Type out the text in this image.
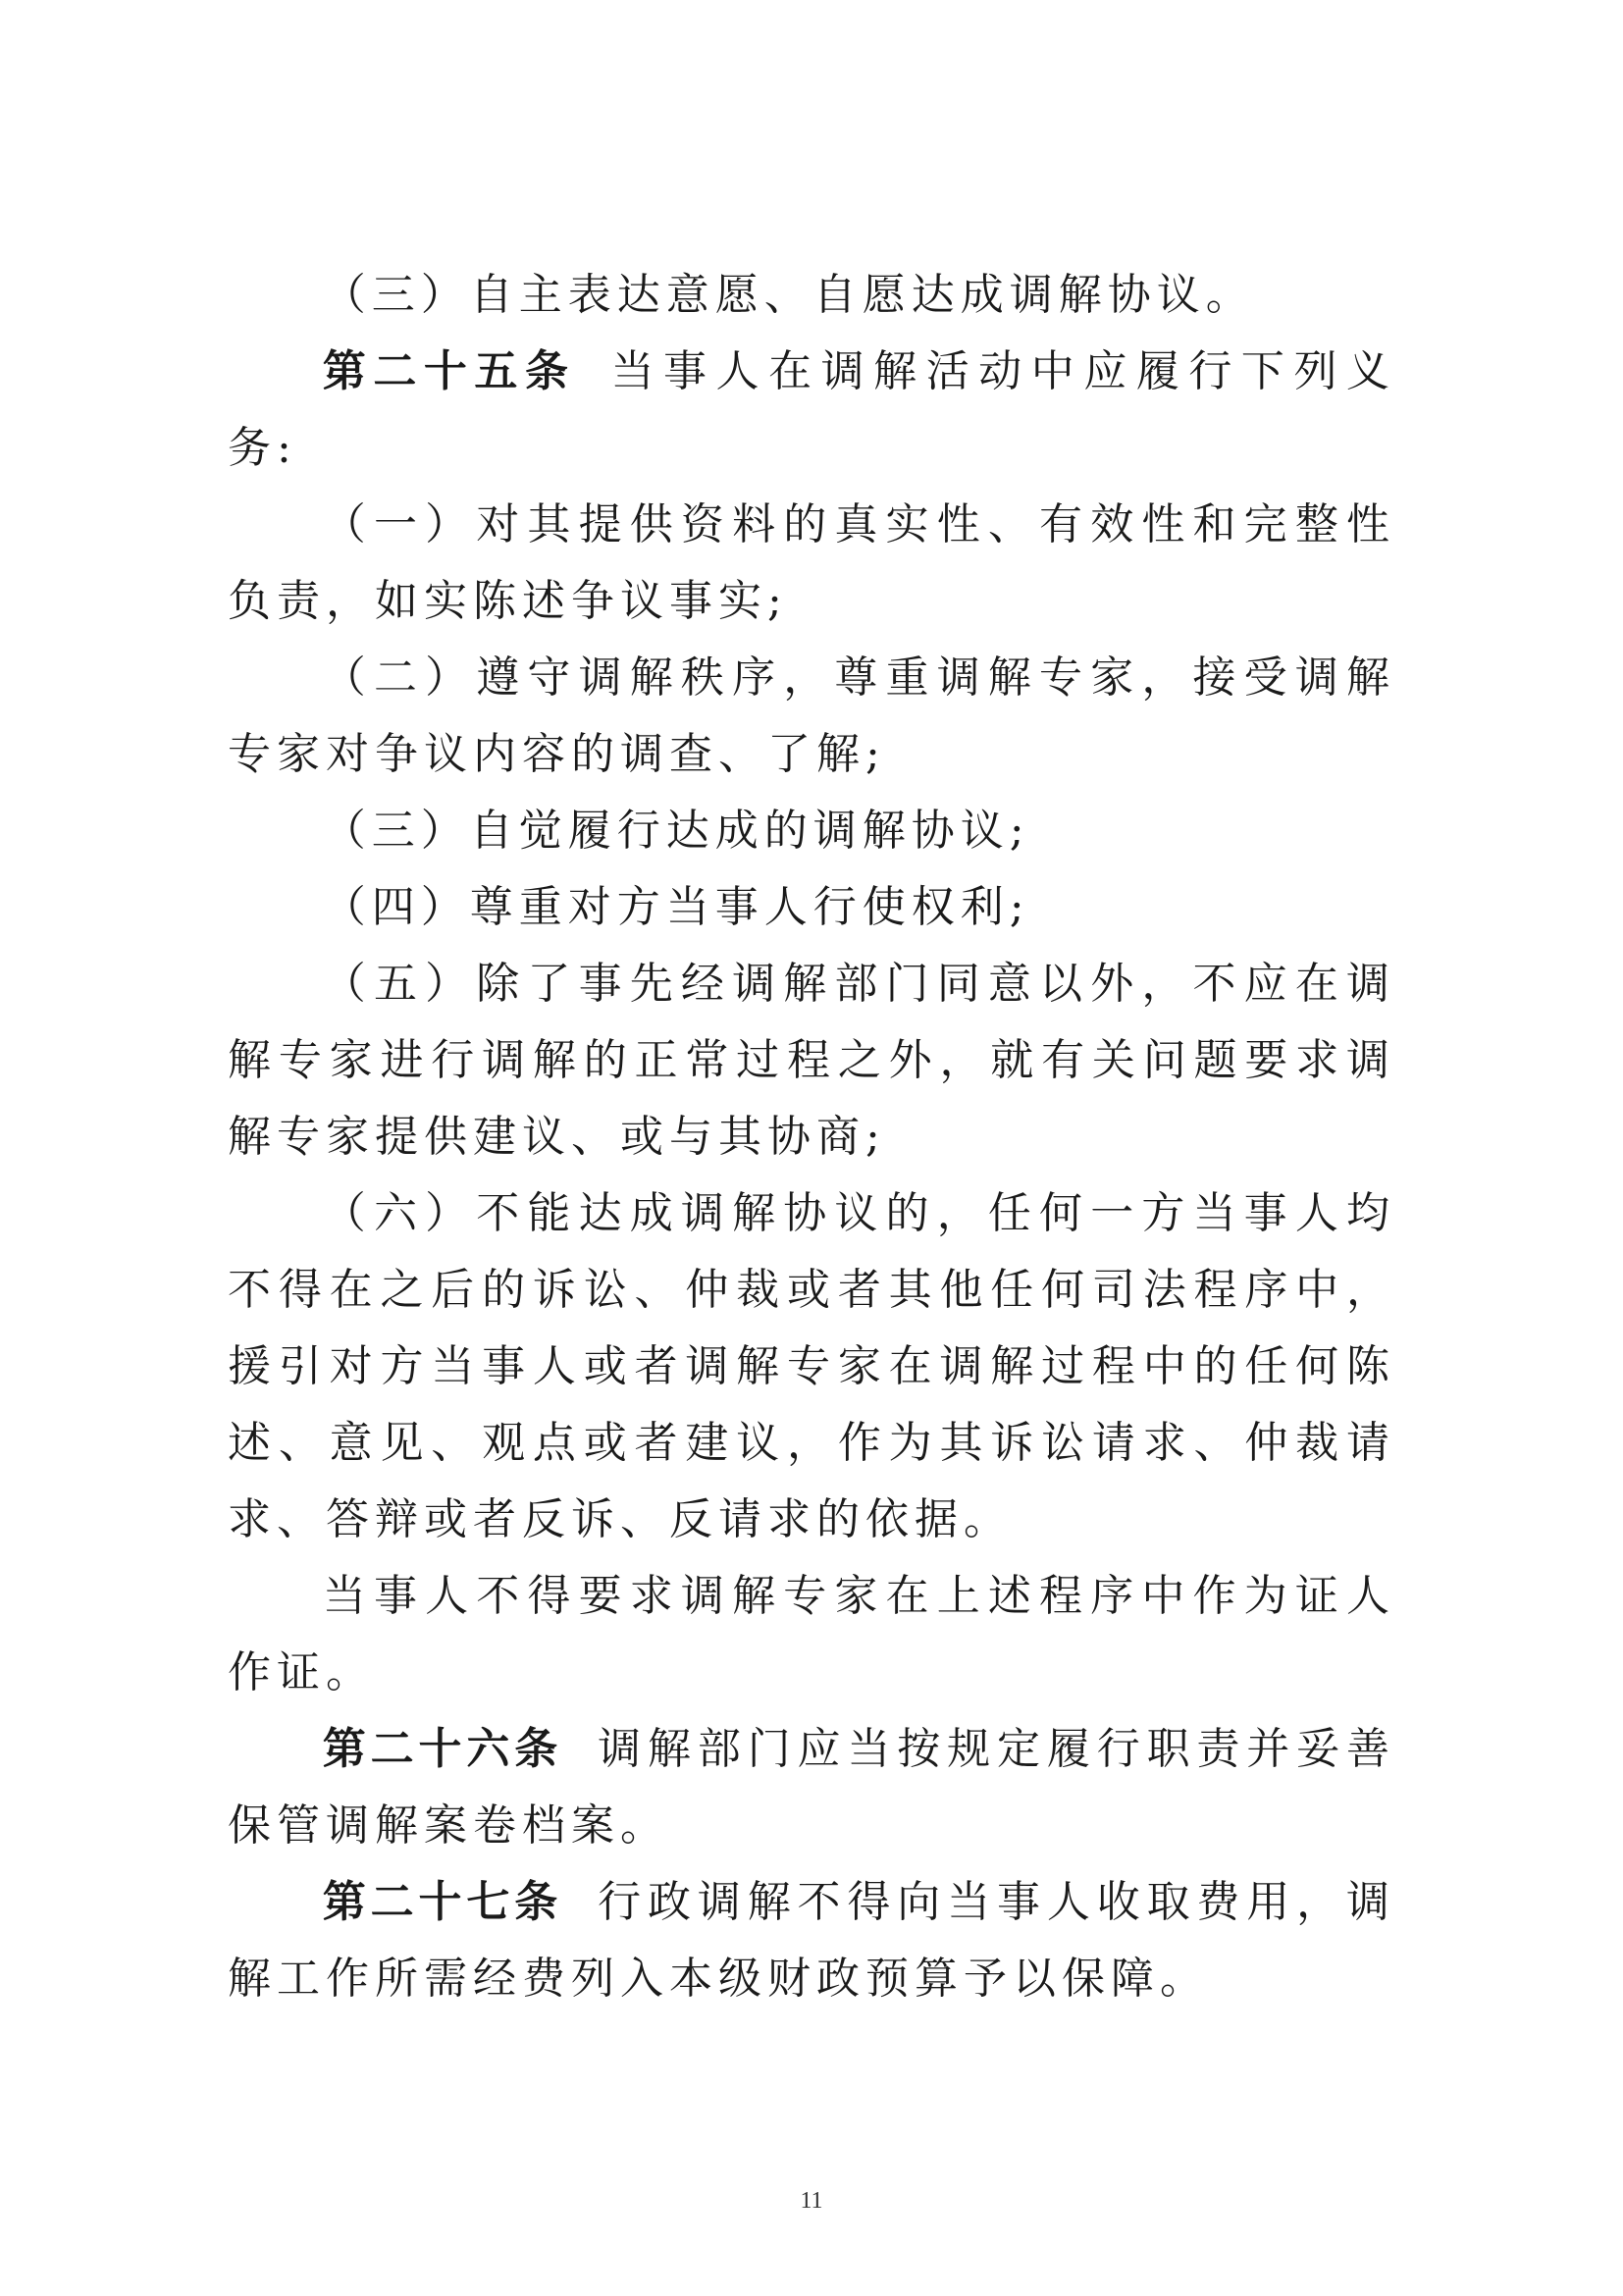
（三）自主表达意愿、自愿达成调解协议。

第二十五条 当事人在调解活动中应履行下列义务:

（一）对其提供资料的真实性、有效性和完整性负责，如实陈述争议事实;

（二）遵守调解秩序，尊重调解专家，接受调解专家对争议内容的调查、了解;

（三）自觉履行达成的调解协议;

（四）尊重对方当事人行使权利;

（五）除了事先经调解部门同意以外，不应在调解专家进行调解的正常过程之外，就有关问题要求调解专家提供建议、或与其协商;

（六）不能达成调解协议的，任何一方当事人均不得在之后的诉讼、仲裁或者其他任何司法程序中，援引对方当事人或者调解专家在调解过程中的任何陈述、意见、观点或者建议，作为其诉讼请求、仲裁请求、答辩或者反诉、反请求的依据。

当事人不得要求调解专家在上述程序中作为证人作证。

第二十六条 调解部门应当按规定履行职责并妥善保管调解案卷档案。

第二十七条 行政调解不得向当事人收取费用，调解工作所需经费列入本级财政预算予以保障。

11
